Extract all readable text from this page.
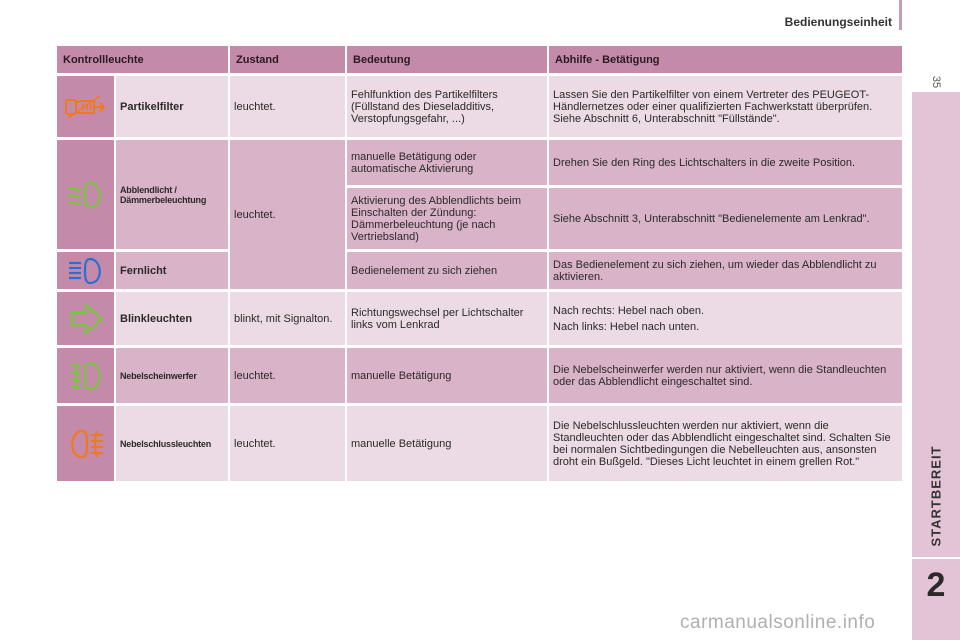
Bedienungseinheit
35
STARTBEREIT
2
Kontrollleuchte		Zustand	Bedeutung	Abhilfe - Betätigung

	Partikelfilter	leuchtet.	Fehlfunktion des Partikelfilters (Füllstand des Dieseladditivs, Verstopfungsgefahr, ...)	Lassen Sie den Partikelfilter von einem Vertreter des PEUGEOT-Händlernetzes oder einer qualifizierten Fachwerkstatt überprüfen. Siehe Abschnitt 6, Unterabschnitt "Füllstände".

	Abblendlicht / Dämmerbeleuchtung	leuchtet.	manuelle Betätigung oder automatische Aktivierung	Drehen Sie den Ring des Lichtschalters in die zweite Position.
			Aktivierung des Abblendlichts beim Einschalten der Zündung: Dämmerbeleuchtung (je nach Vertriebsland)	Siehe Abschnitt 3, Unterabschnitt "Bedienelemente am Lenkrad".

	Fernlicht		Bedienelement zu sich ziehen	Das Bedienelement zu sich ziehen, um wieder das Abblendlicht zu aktivieren.

	Blinkleuchten	blinkt, mit Signalton.	Richtungswechsel per Lichtschalter links vom Lenkrad	Nach rechts: Hebel nach oben.

Nach links: Hebel nach unten.

	Nebelscheinwerfer	leuchtet.	manuelle Betätigung	Die Nebelscheinwerfer werden nur aktiviert, wenn die Standleuchten oder das Abblendlicht eingeschaltet sind.

	Nebelschlussleuchten	leuchtet.	manuelle Betätigung	Die Nebelschlussleuchten werden nur aktiviert, wenn die Standleuchten oder das Abblendlicht eingeschaltet sind. Schalten Sie bei normalen Sichtbedingungen die Nebelleuchten aus, ansonsten droht ein Bußgeld. "Dieses Licht leuchtet in einem grellen Rot."
carmanualsonline.info
